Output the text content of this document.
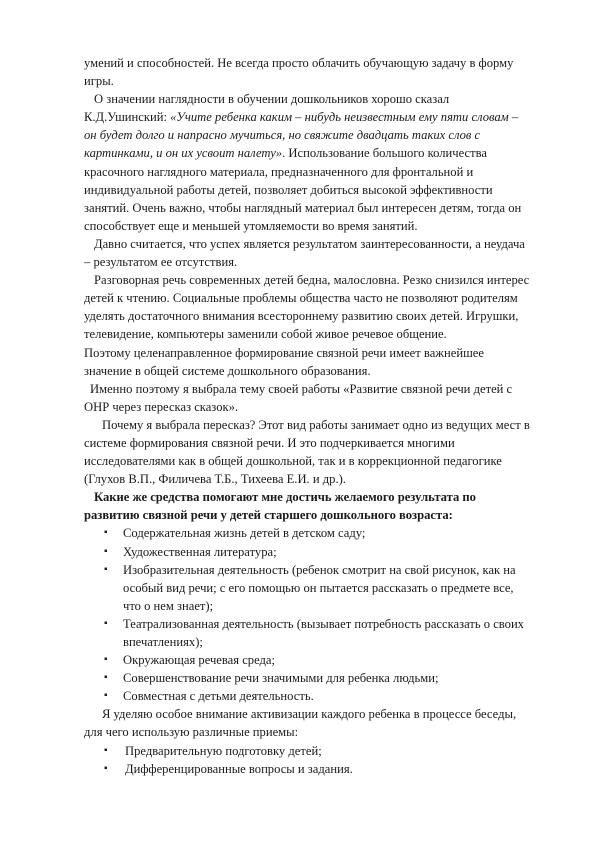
умений и способностей. Не всегда просто облачить обучающую задачу в форму игры.

О значении наглядности в обучении дошкольников хорошо сказал К.Д.Ушинский: «Учите ребенка каким – нибудь неизвестным ему пяти словам – он будет долго и напрасно мучиться, но свяжите двадцать таких слов с картинками, и он их усвоит налету». Использование большого количества красочного наглядного материала, предназначенного для фронтальной и индивидуальной работы детей, позволяет добиться высокой эффективности занятий. Очень важно, чтобы наглядный материал был интересен детям, тогда он способствует еще и меньшей утомляемости во время занятий.

Давно считается, что успех является результатом заинтересованности, а неудача – результатом ее отсутствия.

Разговорная речь современных детей бедна, малословна. Резко снизился интерес детей к чтению. Социальные проблемы общества часто не позволяют родителям уделять достаточного внимания всестороннему развитию своих детей. Игрушки, телевидение, компьютеры заменили собой живое речевое общение.

Поэтому целенаправленное формирование связной речи имеет важнейшее значение в общей системе дошкольного образования.

Именно поэтому я выбрала тему своей работы «Развитие связной речи детей с ОНР через пересказ сказок».

Почему я выбрала пересказ? Этот вид работы занимает одно из ведущих мест в системе формирования связной речи. И это подчеркивается многими исследователями как в общей дошкольной, так и в коррекционной педагогике (Глухов В.П., Филичева Т.Б., Тихеева Е.И. и др.).

Какие же средства помогают мне достичь желаемого результата по развитию связной речи у детей старшего дошкольного возраста:

▪ Содержательная жизнь детей в детском саду;
▪ Художественная литература;
▪ Изобразительная деятельность (ребенок смотрит на свой рисунок, как на особый вид речи; с его помощью он пытается рассказать о предмете все, что о нем знает);
▪ Театрализованная деятельность (вызывает потребность рассказать о своих впечатлениях);
▪ Окружающая речевая среда;
▪ Совершенствование речи значимыми для ребенка людьми;
▪ Совместная с детьми деятельность.

Я уделяю особое внимание активизации каждого ребенка в процессе беседы, для чего использую различные приемы:

▪ Предварительную подготовку детей;
▪ Дифференцированные вопросы и задания.
